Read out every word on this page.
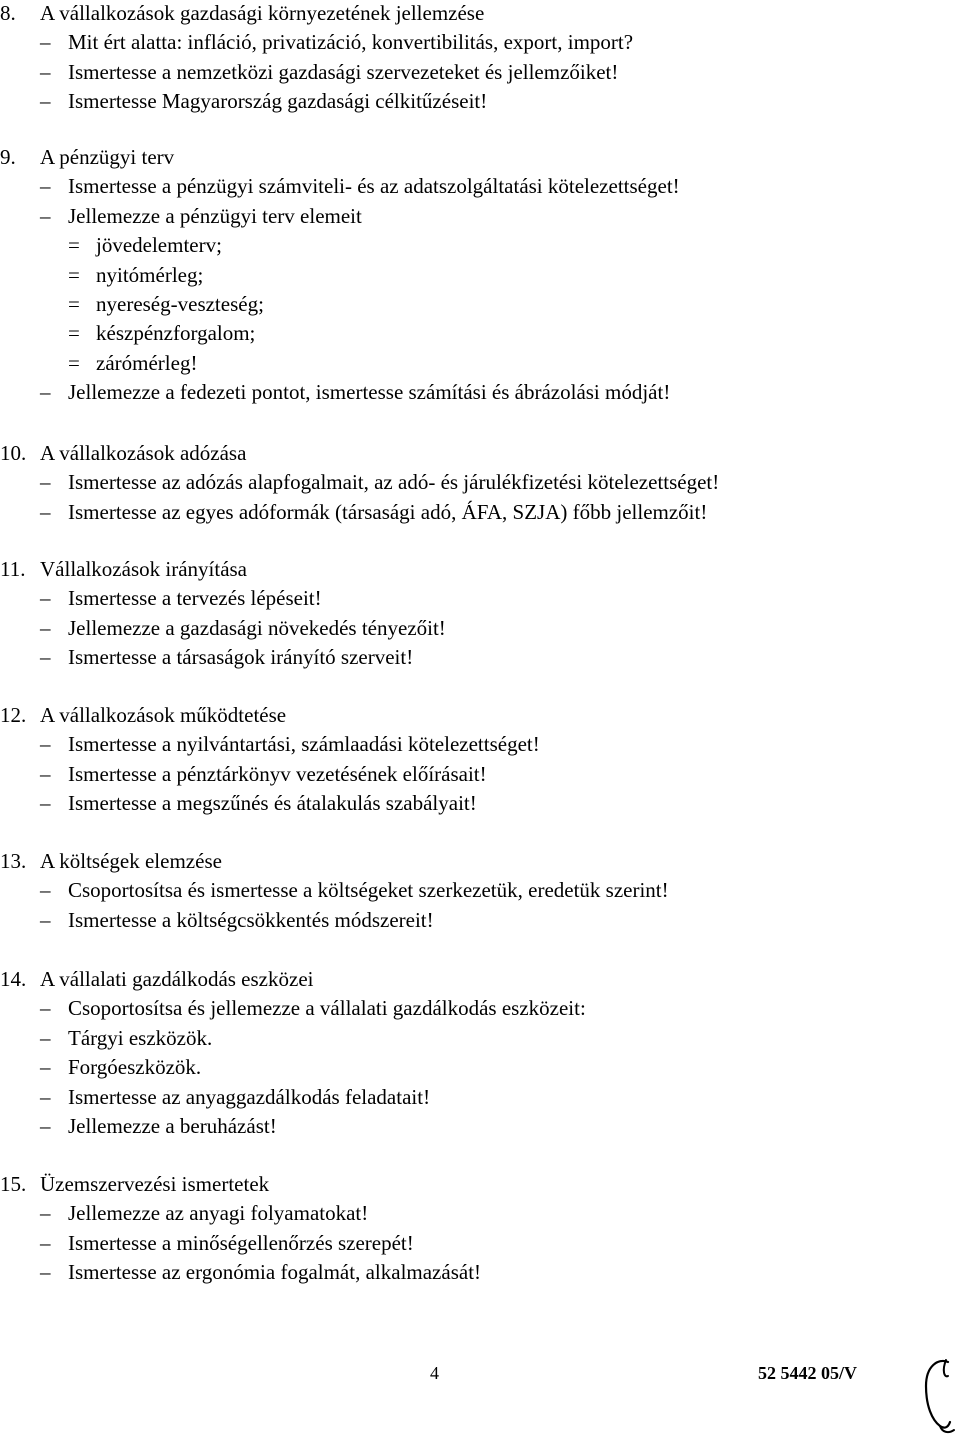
8. A vállalkozások gazdasági környezetének jellemzése
– Mit ért alatta: infláció, privatizáció, konvertibilitás, export, import?
– Ismertesse a nemzetközi gazdasági szervezeteket és jellemzőiket!
– Ismertesse Magyarország gazdasági célkitűzéseit!
9. A pénzügyi terv
– Ismertesse a pénzügyi számviteli- és az adatszolgáltatási kötelezettséget!
– Jellemezze a pénzügyi terv elemeit
= jövedelemterv;
= nyitómérleg;
= nyereség-veszteség;
= készpénzforgalom;
= zárómérleg!
– Jellemezze a fedezeti pontot, ismertesse számítási és ábrázolási módját!
10. A vállalkozások adózása
– Ismertesse az adózás alapfogalmait, az adó- és járulékfizetési kötelezettséget!
– Ismertesse az egyes adóformák (társasági adó, ÁFA, SZJA) főbb jellemzőit!
11. Vállalkozások irányítása
– Ismertesse a tervezés lépéseit!
– Jellemezze a gazdasági növekedés tényezőit!
– Ismertesse a társaságok irányító szerveit!
12. A vállalkozások működtetése
– Ismertesse a nyilvántartási, számlaadási kötelezettséget!
– Ismertesse a pénztárkönyv vezetésének előírásait!
– Ismertesse a megszűnés és átalakulás szabályait!
13. A költségek elemzése
– Csoportosítsa és ismertesse a költségeket szerkezetük, eredetük szerint!
– Ismertesse a költségcsökkentés módszereit!
14. A vállalati gazdálkodás eszközei
– Csoportosítsa és jellemezze a vállalati gazdálkodás eszközeit:
– Tárgyi eszközök.
– Forgóeszközök.
– Ismertesse az anyaggazdálkodás feladatait!
– Jellemezze a beruházást!
15. Üzemszervezési ismertetek
– Jellemezze az anyagi folyamatokat!
– Ismertesse a minőségellenőrzés szerepét!
– Ismertesse az ergonómia fogalmát, alkalmazását!
4	52 5442 05/V
